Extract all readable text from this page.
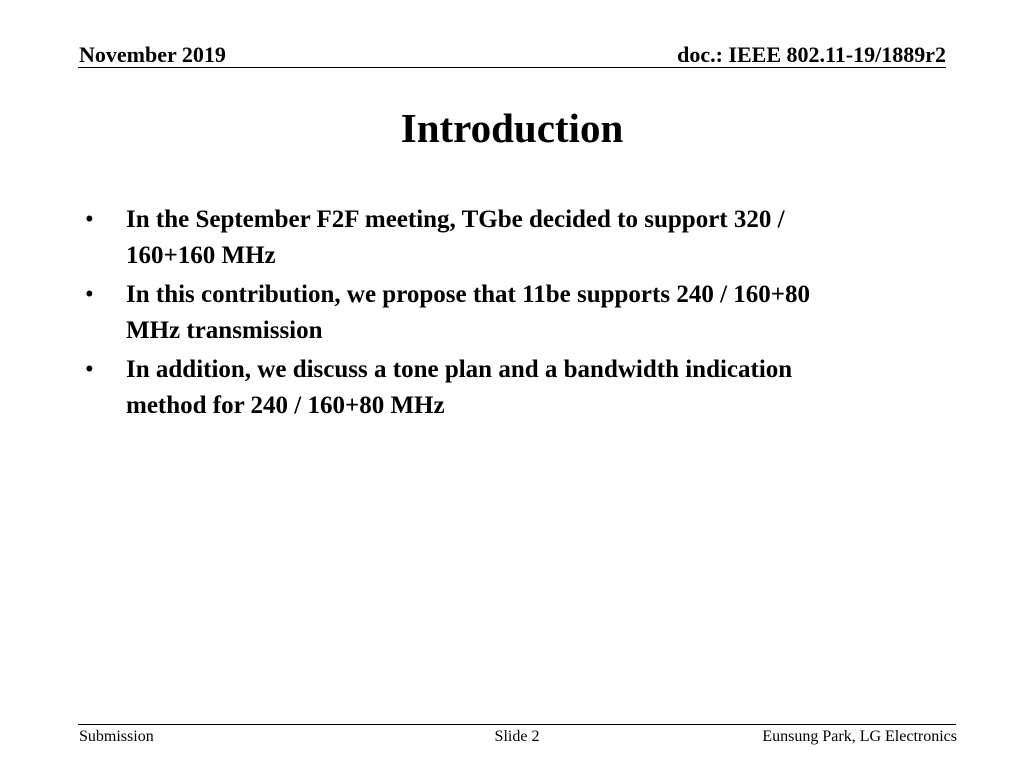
November 2019	doc.: IEEE 802.11-19/1889r2
Introduction
• In the September F2F meeting, TGbe decided to support 320 /
160+160 MHz
• In this contribution, we propose that 11be supports 240 / 160+80
MHz transmission
• In addition, we discuss a tone plan and a bandwidth indication
method for 240 / 160+80 MHz
Submission	Slide 2	Eunsung Park, LG Electronics
